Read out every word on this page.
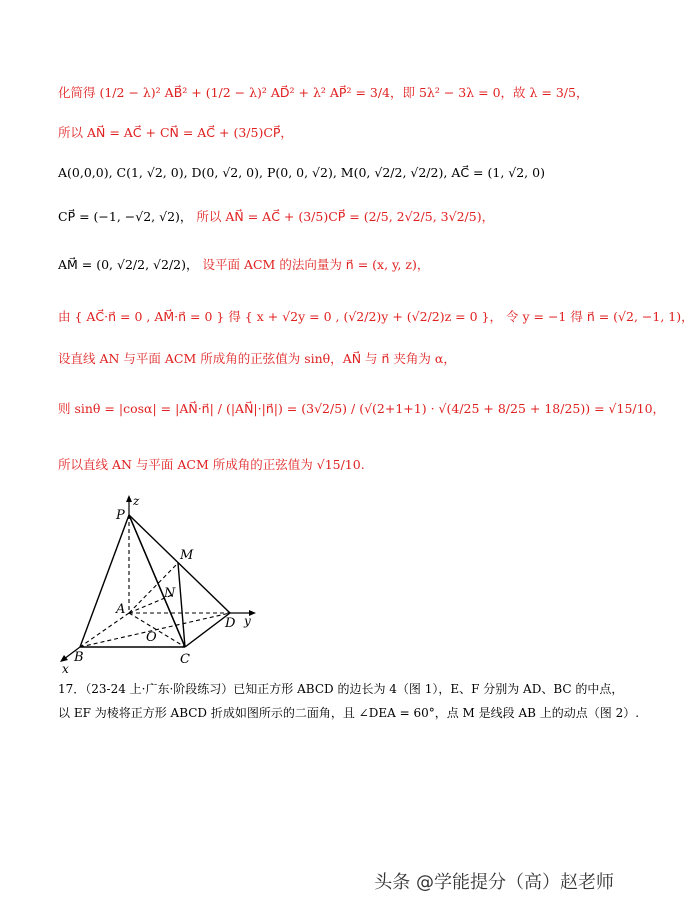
化简得 (1/2 − λ)² AB⃗² + (1/2 − λ)² AD⃗² + λ² AP⃗² = 3/4，即 5λ² − 3λ = 0，故 λ = 3/5，
所以 AN⃗ = AC⃗ + CN⃗ = AC⃗ + (3/5)CP⃗，
A(0,0,0), C(1, √2, 0), D(0, √2, 0), P(0, 0, √2), M(0, √2/2, √2/2), AC⃗ = (1, √2, 0)
CP⃗ = (−1, −√2, √2)， 所以 AN⃗ = AC⃗ + (3/5)CP⃗ = (2/5, 2√2/5, 3√2/5)，
AM⃗ = (0, √2/2, √2/2)， 设平面 ACM 的法向量为 n⃗ = (x, y, z)，
由 { AC⃗·n⃗ = 0 , AM⃗·n⃗ = 0 } 得 { x + √2y = 0 , (√2/2)y + (√2/2)z = 0 }， 令 y = −1 得 n⃗ = (√2, −1, 1)，
设直线 AN 与平面 ACM 所成角的正弦值为 sinθ，AN⃗ 与 n⃗ 夹角为 α，
则 sinθ = |cosα| = |AN⃗·n⃗| / (|AN⃗|·|n⃗|) = (3√2/5) / (√(2+1+1) · √(4/25 + 8/25 + 18/25)) = √15/10，
所以直线 AN 与平面 ACM 所成角的正弦值为 √15/10.
P
z
M
N
A
O
D y
B	C
x
17．（23-24 上·广东·阶段练习）已知正方形 ABCD 的边长为 4（图 1），E、F 分别为 AD、BC 的中点，
以 EF 为棱将正方形 ABCD 折成如图所示的二面角，且 ∠DEA = 60°，点 M 是线段 AB 上的动点（图 2）.
头条 @学能提分（高）赵老师
